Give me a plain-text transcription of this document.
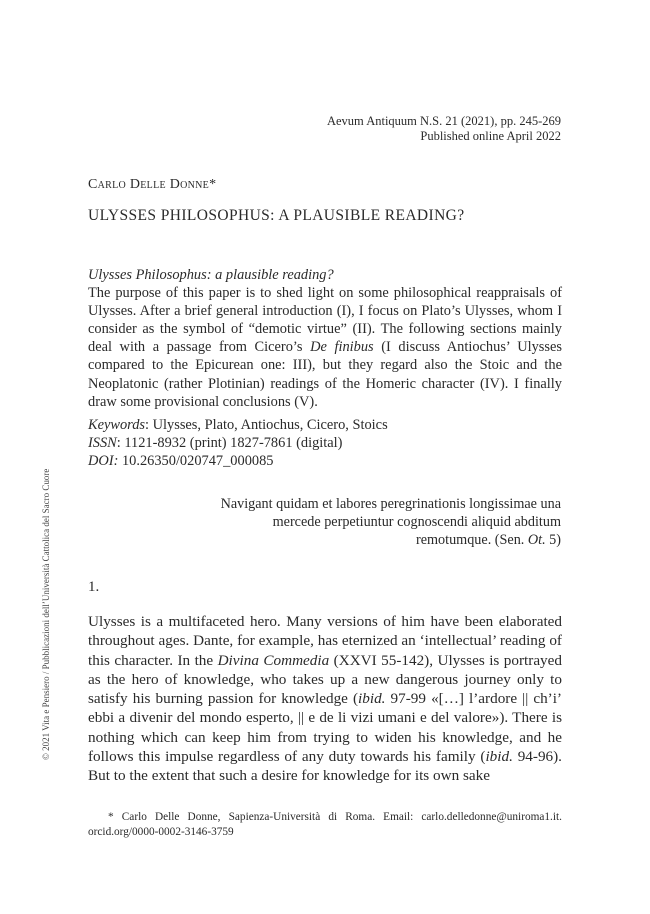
Aevum Antiquum N.S. 21 (2021), pp. 245-269
Published online April 2022
Carlo Delle Donne*
ULYSSES PHILOSOPHUS: A PLAUSIBLE READING?
Ulysses Philosophus: a plausible reading?
The purpose of this paper is to shed light on some philosophical reappraisals of Ulysses. After a brief general introduction (I), I focus on Plato’s Ulysses, whom I consider as the symbol of “demotic virtue” (II). The following sections mainly deal with a passage from Cicero’s De finibus (I discuss Antiochus’ Ulysses compared to the Epicurean one: III), but they regard also the Stoic and the Neoplatonic (rather Plotinian) readings of the Homeric character (IV). I finally draw some provisional conclusions (V).
Keywords: Ulysses, Plato, Antiochus, Cicero, Stoics
ISSN: 1121-8932 (print) 1827-7861 (digital)
DOI: 10.26350/020747_000085
Navigant quidam et labores peregrinationis longissimae una mercede perpetiuntur cognoscendi aliquid abditum remotumque. (Sen. Ot. 5)
1.
Ulysses is a multifaceted hero. Many versions of him have been elaborated throughout ages. Dante, for example, has eternized an ‘intellectual’ reading of this character. In the Divina Commedia (XXVI 55-142), Ulysses is portrayed as the hero of knowledge, who takes up a new dangerous journey only to satisfy his burning passion for knowledge (ibid. 97-99 «[…] l’ardore || ch’i’ ebbi a divenir del mondo esperto, || e de li vizi umani e del valore»). There is nothing which can keep him from trying to widen his knowledge, and he follows this impulse regardless of any duty towards his family (ibid. 94-96). But to the extent that such a desire for knowledge for its own sake
* Carlo Delle Donne, Sapienza-Università di Roma. Email: carlo.delledonne@uniroma1.it. orcid.org/0000-0002-3146-3759
© 2021 Vita e Pensiero / Pubblicazioni dell’Università Cattolica del Sacro Cuore
